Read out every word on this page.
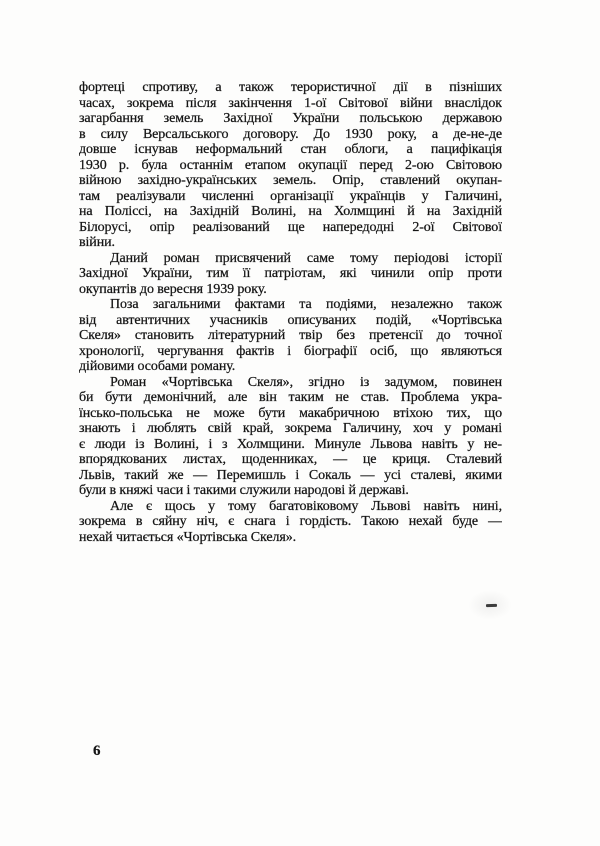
фортеці спротиву, а також терористичної дії в пізніших
часах, зокрема після закінчення 1-ої Світової війни внаслідок
загарбання земель Західної України польською державою
в силу Версальського договору. До 1930 року, а де-не-де
довше існував неформальний стан облоги, а пацифікація
1930 р. була останнім етапом окупації перед 2-ою Світовою
війною західно-українських земель. Опір, ставлений окупан-
там реалізували численні організації українців у Галичині,
на Поліссі, на Західній Волині, на Холмщині й на Західній
Білорусі, опір реалізований ще напередодні 2-ої Світової
війни.
Даний роман присвячений саме тому періодові історії
Західної України, тим її патріотам, які чинили опір проти
окупантів до вересня 1939 року.
Поза загальними фактами та подіями, незалежно також
від автентичних учасників описуваних подій, «Чортівська
Скеля» становить літературний твір без претенсії до точної
хронології, чергування фактів і біографії осіб, що являються
дійовими особами роману.
Роман «Чортівська Скеля», згідно із задумом, повинен
би бути демонічний, але він таким не став. Проблема укра-
їнсько-польська не може бути макабричною втіхою тих, що
знають і люблять свій край, зокрема Галичину, хоч у романі
є люди із Волині, і з Холмщини. Минуле Львова навіть у не-
впорядкованих листах, щоденниках, — це криця. Сталевий
Львів, такий же — Перемишль і Сокаль — усі сталеві, якими
були в княжі часи і такими служили народові й державі.
Але є щось у тому багатовіковому Львові навіть нині,
зокрема в сяйну ніч, є снага і гордість. Такою нехай буде —
нехай читається «Чортівська Скеля».
6
